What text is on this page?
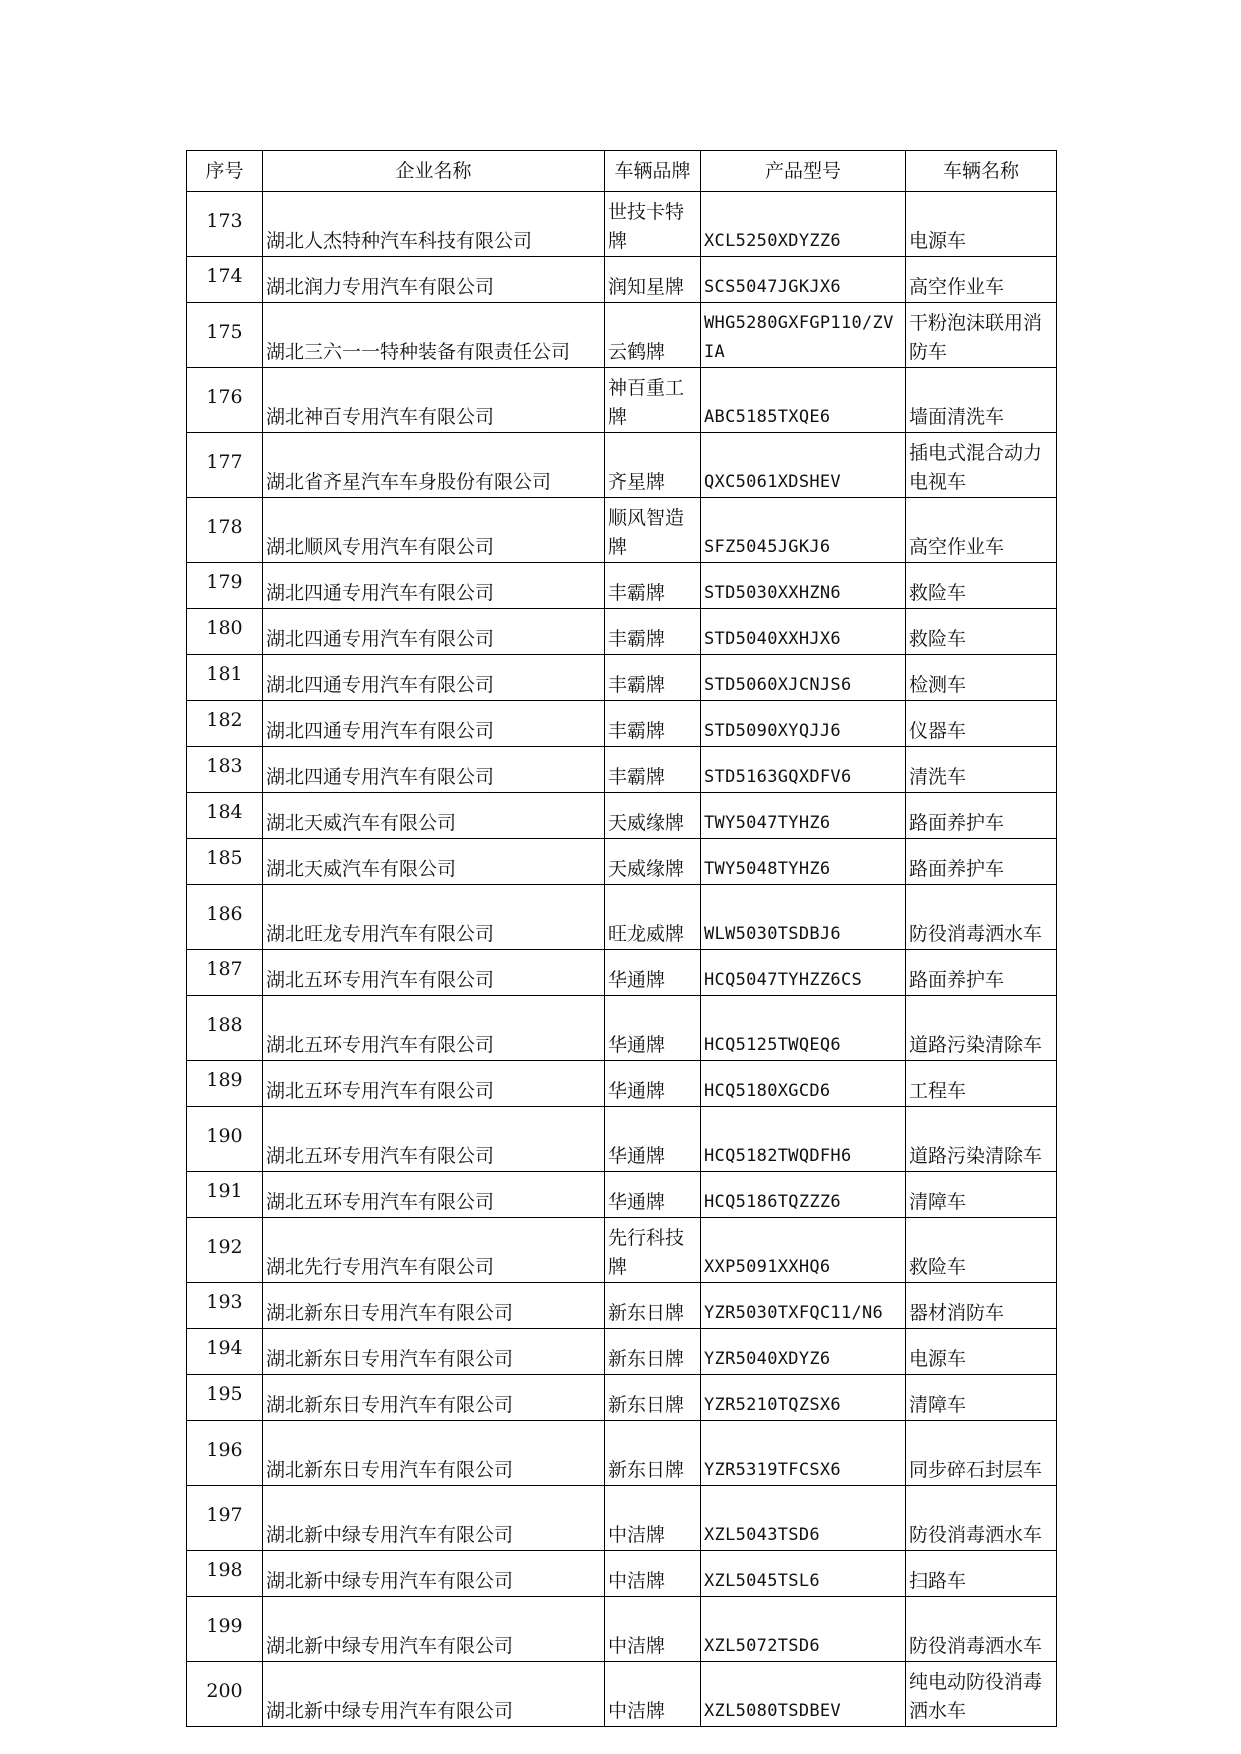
序号	企业名称	车辆品牌	产品型号	车辆名称
173	湖北人杰特种汽车科技有限公司	世技卡特牌	XCL5250XDYZZ6	电源车
174	湖北润力专用汽车有限公司	润知星牌	SCS5047JGKJX6	高空作业车
175	湖北三六一一特种装备有限责任公司	云鹤牌	WHG5280GXFGP110/ZVIA	干粉泡沫联用消防车
176	湖北神百专用汽车有限公司	神百重工牌	ABC5185TXQE6	墙面清洗车
177	湖北省齐星汽车车身股份有限公司	齐星牌	QXC5061XDSHEV	插电式混合动力电视车
178	湖北顺风专用汽车有限公司	顺风智造牌	SFZ5045JGKJ6	高空作业车
179	湖北四通专用汽车有限公司	丰霸牌	STD5030XXHZN6	救险车
180	湖北四通专用汽车有限公司	丰霸牌	STD5040XXHJX6	救险车
181	湖北四通专用汽车有限公司	丰霸牌	STD5060XJCNJS6	检测车
182	湖北四通专用汽车有限公司	丰霸牌	STD5090XYQJJ6	仪器车
183	湖北四通专用汽车有限公司	丰霸牌	STD5163GQXDFV6	清洗车
184	湖北天威汽车有限公司	天威缘牌	TWY5047TYHZ6	路面养护车
185	湖北天威汽车有限公司	天威缘牌	TWY5048TYHZ6	路面养护车
186	湖北旺龙专用汽车有限公司	旺龙威牌	WLW5030TSDBJ6	防役消毒洒水车
187	湖北五环专用汽车有限公司	华通牌	HCQ5047TYHZZ6CS	路面养护车
188	湖北五环专用汽车有限公司	华通牌	HCQ5125TWQEQ6	道路污染清除车
189	湖北五环专用汽车有限公司	华通牌	HCQ5180XGCD6	工程车
190	湖北五环专用汽车有限公司	华通牌	HCQ5182TWQDFH6	道路污染清除车
191	湖北五环专用汽车有限公司	华通牌	HCQ5186TQZZZ6	清障车
192	湖北先行专用汽车有限公司	先行科技牌	XXP5091XXHQ6	救险车
193	湖北新东日专用汽车有限公司	新东日牌	YZR5030TXFQC11/N6	器材消防车
194	湖北新东日专用汽车有限公司	新东日牌	YZR5040XDYZ6	电源车
195	湖北新东日专用汽车有限公司	新东日牌	YZR5210TQZSX6	清障车
196	湖北新东日专用汽车有限公司	新东日牌	YZR5319TFCSX6	同步碎石封层车
197	湖北新中绿专用汽车有限公司	中洁牌	XZL5043TSD6	防役消毒洒水车
198	湖北新中绿专用汽车有限公司	中洁牌	XZL5045TSL6	扫路车
199	湖北新中绿专用汽车有限公司	中洁牌	XZL5072TSD6	防役消毒洒水车
200	湖北新中绿专用汽车有限公司	中洁牌	XZL5080TSDBEV	纯电动防役消毒洒水车
